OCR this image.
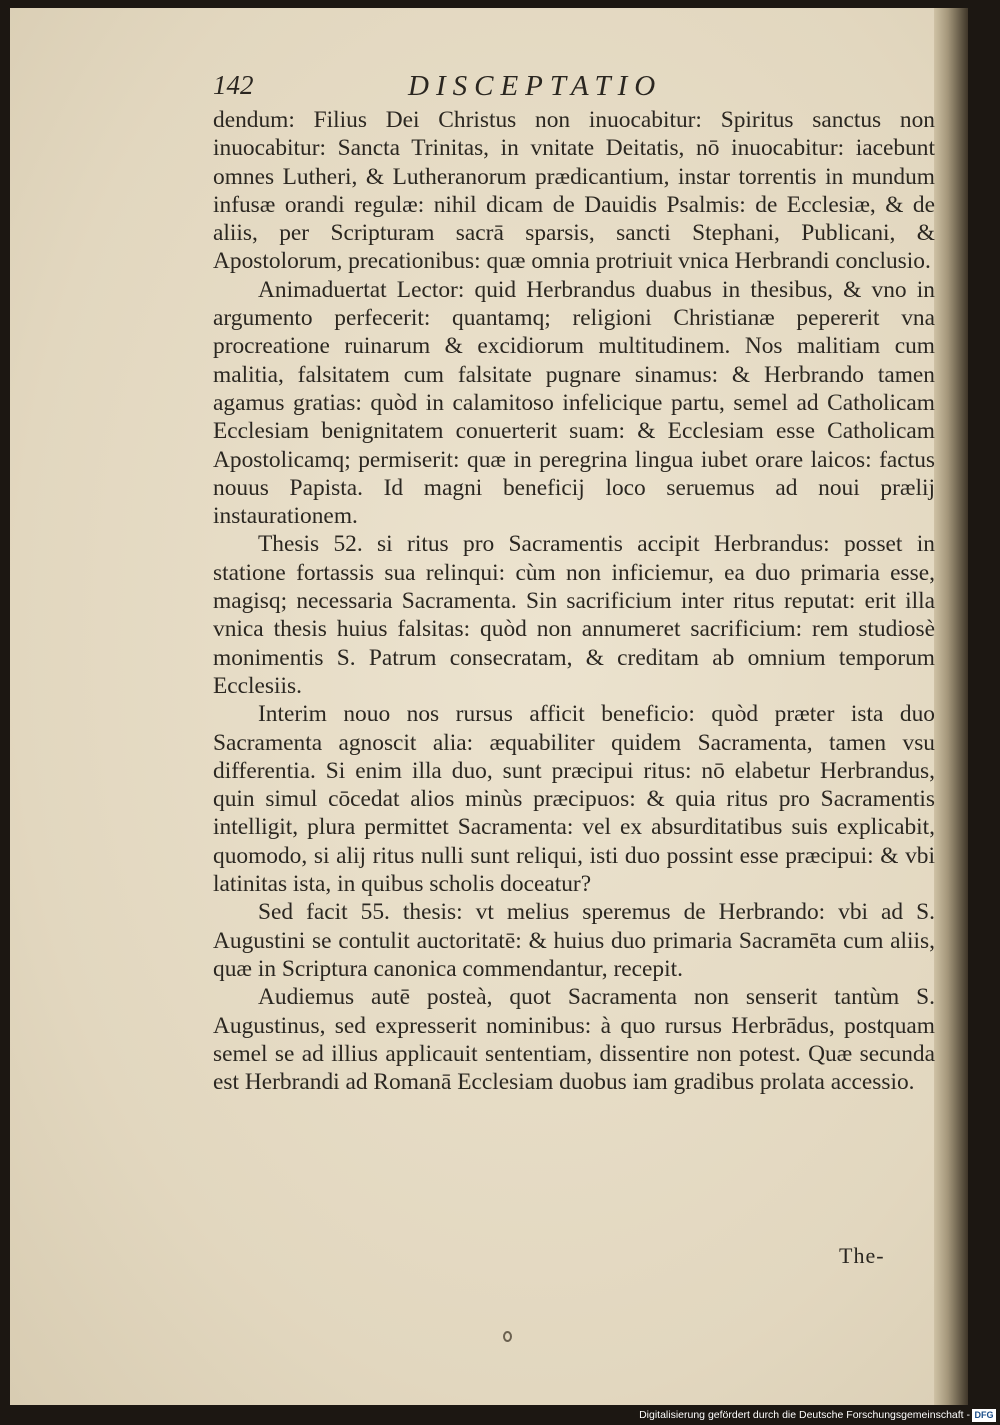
142	DISCEPTATIO

dendum: Filius Dei Christus non inuocabitur: Spiritus sanctus non inuocabitur: Sancta Trinitas, in vnitate Deitatis, nō inuocabitur: iacebunt omnes Lutheri, & Lutheranorum prædicantium, instar torrentis in mundum infusæ orandi regulæ: nihil dicam de Dauidis Psalmis: de Ecclesiæ, & de aliis, per Scripturam sacrā sparsis, sancti Stephani, Publicani, & Apostolorum, precationibus: quæ omnia protriuit vnica Herbrandi conclusio.

Animaduertat Lector: quid Herbrandus duabus in thesibus, & vno in argumento perfecerit: quantamq; religioni Christianæ pepererit vna procreatione ruinarum & excidiorum multitudinem. Nos malitiam cum malitia, falsitatem cum falsitate pugnare sinamus: & Herbrando tamen agamus gratias: quòd in calamitoso infelicique partu, semel ad Catholicam Ecclesiam benignitatem conuerterit suam: & Ecclesiam esse Catholicam Apostolicamq; permiserit: quæ in peregrina lingua iubet orare laicos: factus nouus Papista. Id magni beneficij loco seruemus ad noui prælij instaurationem.

Thesis 52. si ritus pro Sacramentis accipit Herbrandus: posset in statione fortassis sua relinqui: cùm non inficiemur, ea duo primaria esse, magisq; necessaria Sacramenta. Sin sacrificium inter ritus reputat: erit illa vnica thesis huius falsitas: quòd non annumeret sacrificium: rem studiosè monimentis S. Patrum consecratam, & creditam ab omnium temporum Ecclesiis.

Interim nouo nos rursus afficit beneficio: quòd præter ista duo Sacramenta agnoscit alia: æquabiliter quidem Sacramenta, tamen vsu differentia. Si enim illa duo, sunt præcipui ritus: nō elabetur Herbrandus, quin simul cōcedat alios minùs præcipuos: & quia ritus pro Sacramentis intelligit, plura permittet Sacramenta: vel ex absurditatibus suis explicabit, quomodo, si alij ritus nulli sunt reliqui, isti duo possint esse præcipui: & vbi latinitas ista, in quibus scholis doceatur?

Sed facit 55. thesis: vt melius speremus de Herbrando: vbi ad S. Augustini se contulit auctoritatē: & huius duo primaria Sacramēta cum aliis, quæ in Scriptura canonica commendantur, recepit.

Audiemus autē posteà, quot Sacramenta non senserit tantùm S. Augustinus, sed expresserit nominibus: à quo rursus Herbrādus, postquam semel se ad illius applicauit sententiam, dissentire non potest. Quæ secunda est Herbrandi ad Romanā Ecclesiam duobus iam gradibus prolata accessio.

The-
Digitalisierung gefördert durch die Deutsche Forschungsgemeinschaft - DFG
